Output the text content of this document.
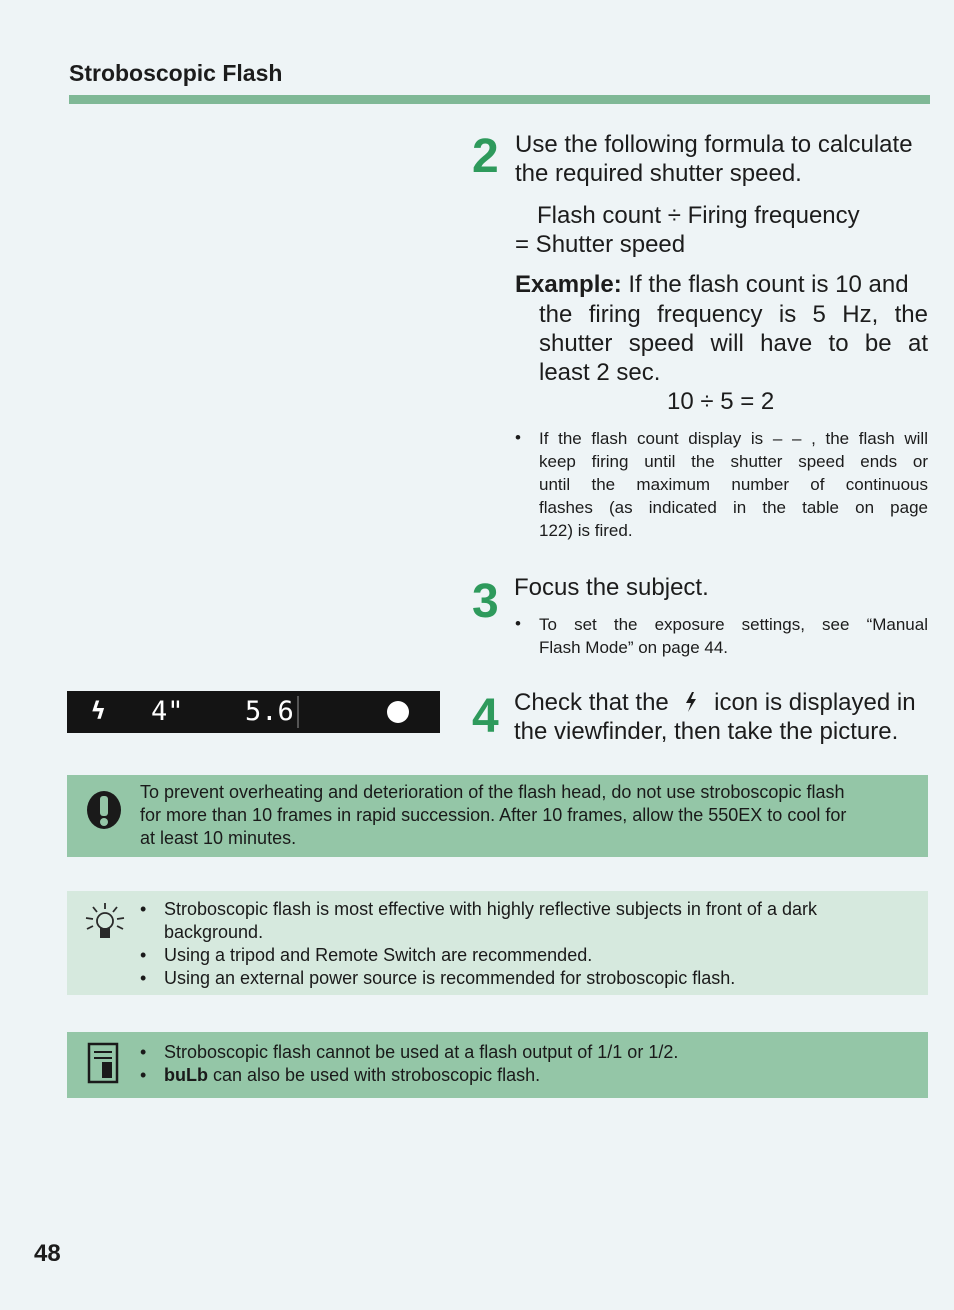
Stroboscopic Flash
2 Use the following formula to calculate
the required shutter speed.
Flash count ÷ Firing frequency
= Shutter speed
Example: If the flash count is 10 and
the firing frequency is 5 Hz, the
shutter speed will have to be at
least 2 sec.
10 ÷ 5 = 2
• If the flash count display is – – , the flash will
keep firing until the shutter speed ends or
until the maximum number of continuous
flashes (as indicated in the table on page
122) is fired.
3 Focus the subject.
• To set the exposure settings, see “Manual
Flash Mode” on page 44.
ϟ 4" 5.6	4 Check that the icon is displayed in
the viewfinder, then take the picture.
To prevent overheating and deterioration of the flash head, do not use stroboscopic flash
for more than 10 frames in rapid succession. After 10 frames, allow the 550EX to cool for
at least 10 minutes.
• Stroboscopic flash is most effective with highly reflective subjects in front of a dark background.
• Using a tripod and Remote Switch are recommended.
• Using an external power source is recommended for stroboscopic flash.
• Stroboscopic flash cannot be used at a flash output of 1/1 or 1/2.
• buLb can also be used with stroboscopic flash.
48
